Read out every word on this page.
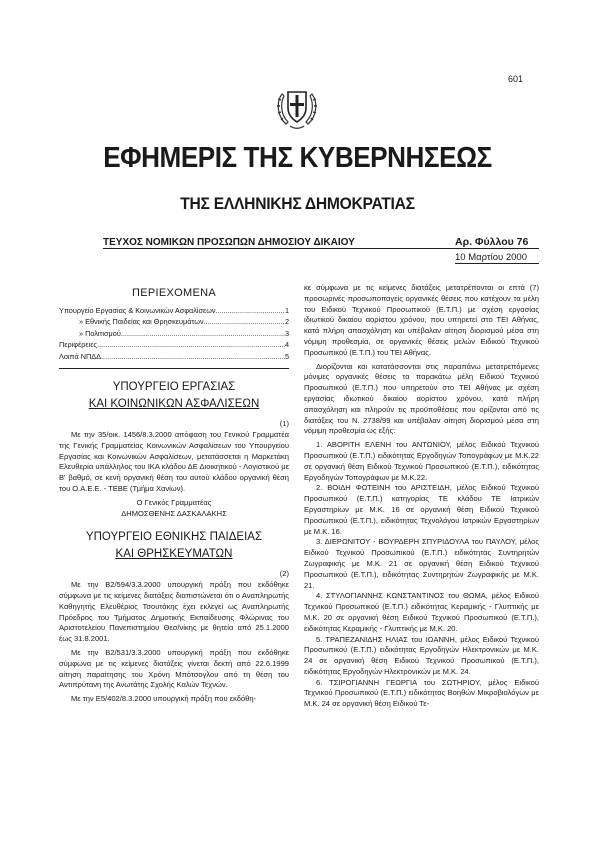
601
ΕΦΗΜΕΡΙΣ ΤΗΣ ΚΥΒΕΡΝΗΣΕΩΣ
ΤΗΣ ΕΛΛΗΝΙΚΗΣ ΔΗΜΟΚΡΑΤΙΑΣ
ΤΕΥΧΟΣ ΝΟΜΙΚΩΝ ΠΡΟΣΩΠΩΝ ΔΗΜΟΣΙΟΥ ΔΙΚΑΙΟΥ	Αρ. Φύλλου 76
10 Μαρτίου 2000
ΠΕΡΙΕΧΟΜΕΝΑ
Υπουργείο Εργασίας & Κοινωνικών Ασφαλίσεων .....	1
» Εθνικής Παιδείας και Θρησκευμάτων .....	2
» Πολιτισμού .....	3
Περιφέρειες .....	4
Λοιπά ΝΠΔΔ .....	5
ΥΠΟΥΡΓΕΙΟ ΕΡΓΑΣΙΑΣ
ΚΑΙ ΚΟΙΝΩΝΙΚΩΝ ΑΣΦΑΛΙΣΕΩΝ

(1)

Με την 35/οικ. 1456/8.3.2000 απόφαση του Γενικού Γραμματέα της Γενικής Γραμματείας Κοινωνικών Ασφαλίσεων του Υπουργείου Εργασίας και Κοινωνικών Ασφαλίσεων, μετατάσσεται η Μαρκετάκη Ελευθερία υπάλληλος του ΙΚΑ κλάδου ΔΕ Διοικητικού - Λογιστικού με Β' βαθμό, σε κενή οργανική θέση του αυτού κλάδου οργανική θέση του Ο.Α.Ε.Ε. - ΤΕΒΕ (Τμήμα Χανίων).

Ο Γενικός Γραμματέας

ΔΗΜΟΣΘΕΝΗΣ ΔΑΣΚΑΛΑΚΗΣ

ΥΠΟΥΡΓΕΙΟ ΕΘΝΙΚΗΣ ΠΑΙΔΕΙΑΣ
ΚΑΙ ΘΡΗΣΚΕΥΜΑΤΩΝ

(2)

Με την Β2/594/3.3.2000 υπουργική πράξη που εκδόθηκε σύμφωνα με τις κείμενες διατάξεις διαπιστώνεται ότι ο Αναπληρωτής Καθηγητής Ελευθέριος Τσουτάκης έχει εκλεγεί ως Αναπληρωτής Πρόεδρος του Τμήματος Δημοτικής Εκπαίδευσης Φλώρινας του Αριστοτελείου Πανεπιστημίου Θεσ/νίκης με θητεία από 25.1.2000 έως 31.8.2001.

Με την Β2/531/3.3.2000 υπουργική πράξη που εκδόθηκε σύμφωνα με τις κείμενες διατάξεις γίνεται δεκτή από 22.6.1999 αίτηση παραίτησης του Χρόνη Μπότσογλου από τη θέση του Αντιπρύτανη της Ανωτάτης Σχολής Καλών Τεχνών.

Με την Ε5/402/8.3.2000 υπουργική πράξη που εκδόθη-

κε σύμφωνα με τις κείμενες διατάξεις μετατρέπονται οι επτά (7) προσωρινές προσωποπαγείς οργανικές θέσεις που κατέχουν τα μέλη του Ειδικού Τεχνικού Προσωπικού (Ε.Τ.Π.) με σχέση εργασίας ιδιωτικού δικαίου αορίστου χρόνου, που υπηρετεί στο ΤΕΙ Αθήνας, κατά πλήρη απασχόληση και υπέβαλαν αίτηση διορισμού μέσα στη νόμιμη προθεσμία, σε οργανικές θέσεις μελών Ειδικού Τεχνικού Προσωπικού (Ε.Τ.Π.) του ΤΕΙ Αθήνας.

Διορίζονται και κατατάσσονται στις παραπάνω μετατρεπόμενες μόνιμες οργανικές θέσεις τα παρακάτω μέλη Ειδικού Τεχνικού Προσωπικού (Ε.Τ.Π.) που υπηρετούν στο ΤΕΙ Αθήνας με σχέση εργασίας ιδιωτικού δικαίου αορίστου χρόνου, κατά πλήρη απασχόληση και πληρούν τις προϋποθέσεις που ορίζονται από τις διατάξεις του Ν. 2738/99 και υπέβαλαν αίτηση διορισμού μέσα στη νόμιμη προθεσμία ως εξής:

1. ΑΒΟΡΙΤΗ ΕΛΕΝΗ του ΑΝΤΩΝΙΟΥ, μέλος Ειδικού Τεχνικού Προσωπικού (Ε.Τ.Π.) ειδικότητας Εργοδηγών Τοπογράφων με Μ.Κ.22 σε οργανική θέση Ειδικού Τεχνικού Προσωπικού (Ε.Τ.Π.), ειδικότητας Εργοδηγών Τοπογράφων με Μ.Κ.22.

2. ΒΟΙΔΗ ΦΩΤΕΙΝΗ του ΑΡΙΣΤΕΙΔΗ, μέλος Ειδικού Τεχνικού Προσωπικού (Ε.Τ.Π.) κατηγορίας ΤΕ κλάδου ΤΕ Ιατρικών Εργαστηρίων με Μ.Κ. 16 σε οργανική θέση Ειδικού Τεχνικού Προσωπικού (Ε.Τ.Π.), ειδικότητας Τεχνολόγου Ιατρικών Εργαστηρίων με Μ.Κ. 16.

3. ΔΙΕΡΩΝΙΤΟΥ - ΒΟΥΡΔΕΡΗ ΣΠΥΡΙΔΟΥΛΑ του ΠΑΥΛΟΥ, μέλος Ειδικού Τεχνικού Προσωπικού (Ε.Τ.Π.) ειδικότητας Συντηρητών Ζωγραφικής με Μ.Κ. 21 σε οργανική θέση Ειδικού Τεχνικού Προσωπικού (Ε.Τ.Π.), ειδικότητας Συντηρητών Ζωγραφικής με Μ.Κ. 21.

4. ΣΤΥΛΟΓΙΑΝΝΗΣ ΚΩΝΣΤΑΝΤΙΝΟΣ του ΘΩΜΑ, μέλος Ειδικού Τεχνικού Προσωπικού (Ε.Τ.Π.) ειδικότητας Κεραμικής - Γλυπτικής με Μ.Κ. 20 σε οργανική θέση Ειδικού Τεχνικού Προσωπικού (Ε.Τ.Π.), ειδικότητας Κεραμικής - Γλυπτικής με Μ.Κ. 20.

5. ΤΡΑΠΕΖΑΝΙΔΗΣ ΗΛΙΑΣ του ΙΩΑΝΝΗ, μέλος Ειδικού Τεχνικού Προσωπικού (Ε.Τ.Π.) ειδικότητας Εργοδηγών Ηλεκτρονικών με Μ.Κ. 24 σε οργανική θέση Ειδικού Τεχνικού Προσωπικού (Ε.Τ.Π.), ειδικότητας Εργοδηγών Ηλεκτρονικών με Μ.Κ. 24.

6. ΤΣΙΡΟΓΙΑΝΝΗ ΓΕΩΡΓΙΑ του ΣΩΤΗΡΙΟΥ, μέλος Ειδικού Τεχνικού Προσωπικού (Ε.Τ.Π.) ειδικότητας Βοηθών Μικροβιολόγων με Μ.Κ. 24 σε οργανική θέση Ειδικού Τε-
